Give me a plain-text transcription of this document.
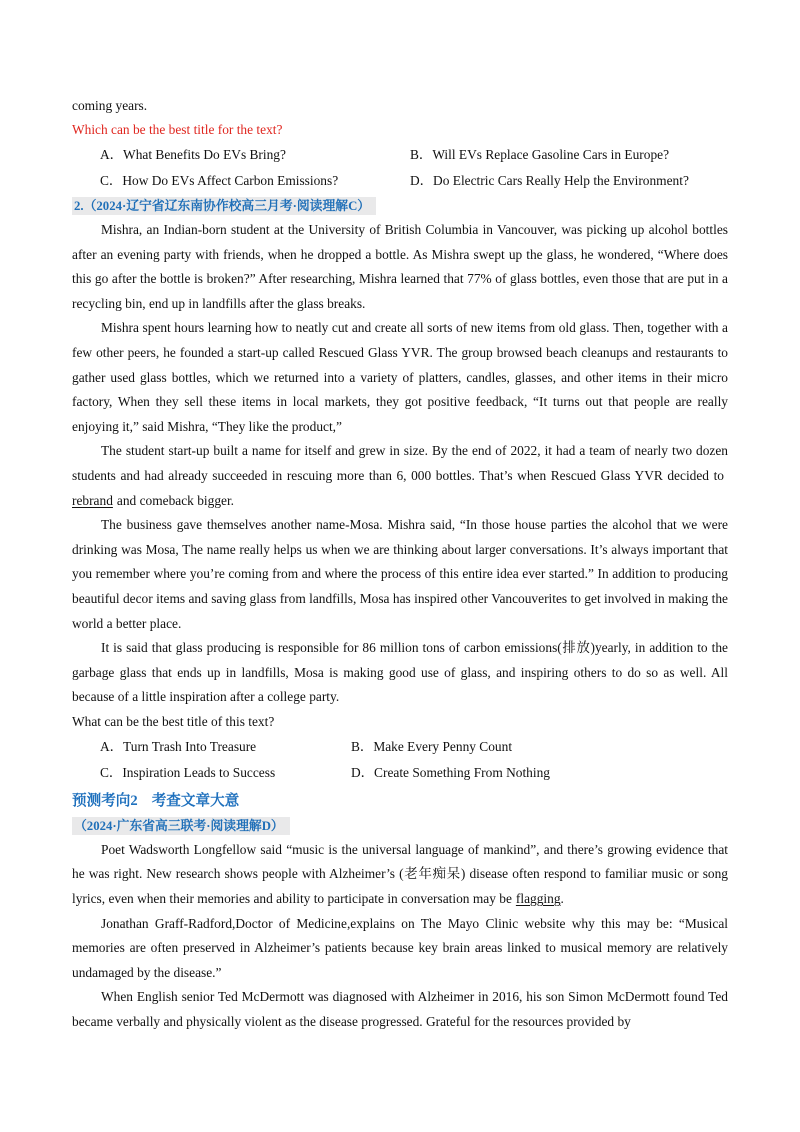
coming years.
Which can be the best title for the text?
A．What Benefits Do EVs Bring?	B．Will EVs Replace Gasoline Cars in Europe?
C．How Do EVs Affect Carbon Emissions?	D．Do Electric Cars Really Help the Environment?
2.（2024·辽宁省辽东南协作校高三月考·阅读理解C）

Mishra, an Indian-born student at the University of British Columbia in Vancouver, was picking up alcohol bottles after an evening party with friends, when he dropped a bottle. As Mishra swept up the glass, he wondered, “Where does this go after the bottle is broken?” After researching, Mishra learned that 77% of glass bottles, even those that are put in a recycling bin, end up in landfills after the glass breaks.

Mishra spent hours learning how to neatly cut and create all sorts of new items from old glass. Then, together with a few other peers, he founded a start-up called Rescued Glass YVR. The group browsed beach cleanups and restaurants to gather used glass bottles, which we returned into a variety of platters, candles, glasses, and other items in their micro factory, When they sell these items in local markets, they got positive feedback, “It turns out that people are really enjoying it,” said Mishra, “They like the product,”

The student start-up built a name for itself and grew in size. By the end of 2022, it had a team of nearly two dozen students and had already succeeded in rescuing more than 6, 000 bottles. That’s when Rescued Glass YVR decided torebrand and comeback bigger.

The business gave themselves another name-Mosa. Mishra said, “In those house parties the alcohol that we were drinking was Mosa, The name really helps us when we are thinking about larger conversations. It’s always important that you remember where you’re coming from and where the process of this entire idea ever started.” In addition to producing beautiful decor items and saving glass from landfills, Mosa has inspired other Vancouverites to get involved in making the world a better place.

It is said that glass producing is responsible for 86 million tons of carbon emissions(排放)yearly, in addition to the garbage glass that ends up in landfills, Mosa is making good use of glass, and inspiring others to do so as well. All because of a little inspiration after a college party.

What can be the best title of this text?
A．Turn Trash Into Treasure	B．Make Every Penny Count
C．Inspiration Leads to Success	D．Create Something From Nothing
预测考向2 考查文章大意
（2024·广东省高三联考·阅读理解D）

Poet Wadsworth Longfellow said “music is the universal language of mankind”, and there’s growing evidence that he was right. New research shows people with Alzheimer’s (老年痴呆) disease often respond to familiar music or song lyrics, even when their memories and ability to participate in conversation may be flagging.

Jonathan Graff-Radford,Doctor of Medicine,explains on The Mayo Clinic website why this may be: “Musical memories are often preserved in Alzheimer’s patients because key brain areas linked to musical memory are relatively undamaged by the disease.”

When English senior Ted McDermott was diagnosed with Alzheimer in 2016, his son Simon McDermott found Ted became verbally and physically violent as the disease progressed. Grateful for the resources provided by
